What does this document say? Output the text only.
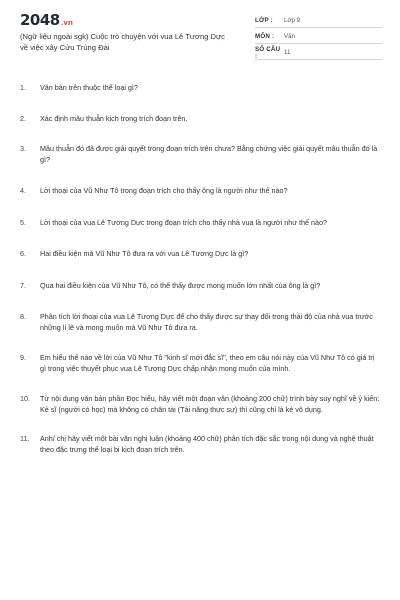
2048.vn
(Ngữ liệu ngoài sgk) Cuộc trò chuyện với vua Lê Tương Dực về việc xây Cửu Trùng Đài
LỚP :	Lớp 9
MÔN :	Văn
SỐ CÂU :	11
1.	Văn bản trên thuộc thể loại gì?
2.	Xác định mâu thuẫn kịch trong trích đoạn trên.
3.	Mâu thuẫn đó đã được giải quyết trong đoạn trích trên chưa? Bằng chứng việc giải quyết mâu thuẫn đó là gì?
4.	Lời thoại của Vũ Như Tô trong đoạn trích cho thấy ông là người như thế nào?
5.	Lời thoại của vua Lê Tương Dực trong đoạn trích cho thấy nhà vua là người như thế nào?
6.	Hai điều kiện mà Vũ Như Tô đưa ra với vua Lê Tương Dực là gì?
7.	Qua hai điều kiện của Vũ Như Tô, có thể thấy được mong muốn lớn nhất của ông là gì?
8.	Phân tích lời thoại của vua Lê Tương Dực để cho thấy được sự thay đổi trong thái độ của nhà vua trước những lí lẽ và mong muốn mà Vũ Như Tô đưa ra.
9.	Em hiểu thế nào về lời của Vũ Như Tô "kinh sĩ mới đắc sĩ", theo em câu nói này của Vũ Như Tô có giá trị gì trong việc thuyết phục vua Lê Tương Dực chấp nhận mong muốn của mình.
10.	Từ nội dung văn bản phần Đọc hiểu, hãy viết một đoạn văn (khoảng 200 chữ) trình bày suy nghĩ về ý kiến: Kẻ sĩ (người có học) mà không có chân tài (Tài năng thực sự) thì cũng chỉ là kẻ vô dụng.
11.	Anh/ chị hãy viết một bài văn nghị luận (khoảng 400 chữ) phân tích đặc sắc trong nội dung và nghệ thuật theo đặc trưng thể loại bi kịch đoạn trích trên.
